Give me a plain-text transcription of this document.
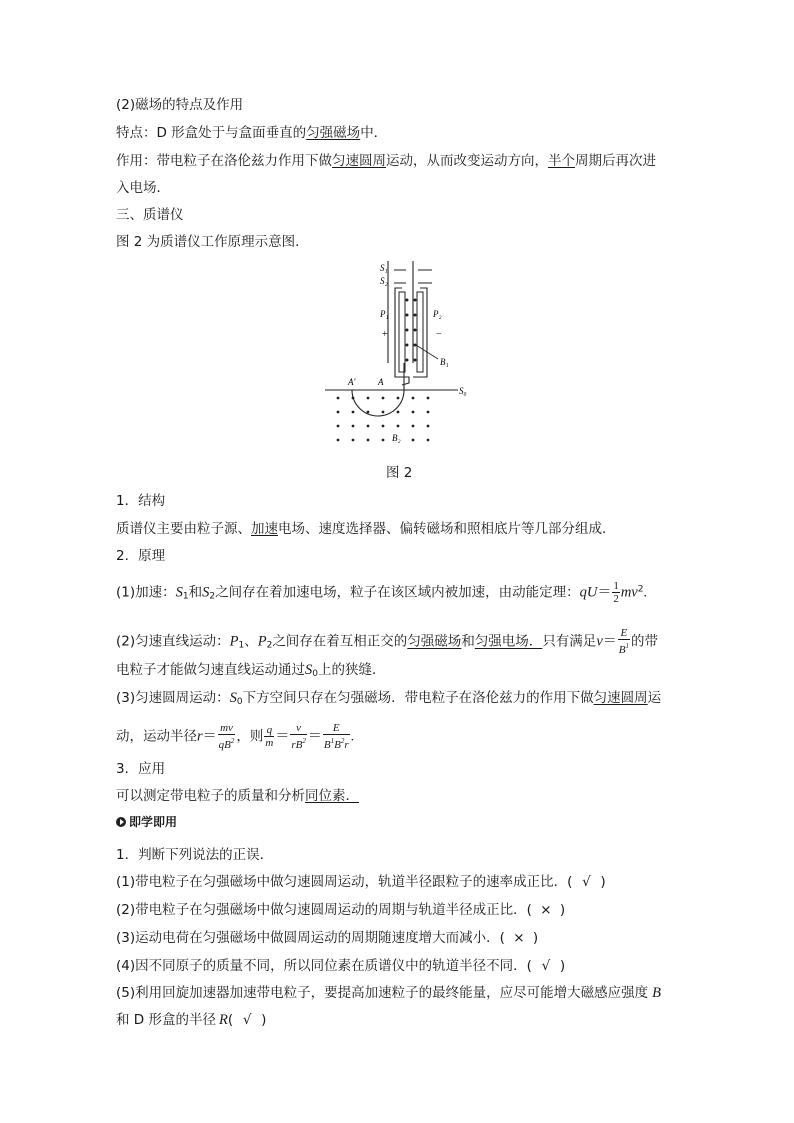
(2)磁场的特点及作用
特点：D 形盒处于与盒面垂直的匀强磁场中．
作用：带电粒子在洛伦兹力作用下做匀速圆周运动，从而改变运动方向，半个周期后再次进
入电场．
三、质谱仪
图 2 为质谱仪工作原理示意图．
S₁
S₂
P₁	P₂
+	−
B₁
A′	A
S₀
B₂
图 2
1．结构
质谱仪主要由粒子源、加速电场、速度选择器、偏转磁场和照相底片等几部分组成．
2．原理
(1)加速：$S_1$和$S_2$之间存在着加速电场，粒子在该区域内被加速，由动能定理：$qU= \frac{1}{2} mv^2$.
(2)匀速直线运动：$P_1$、$P_2$之间存在着互相正交的匀强磁场和匀强电场．只有满足$v= \frac{E}{B^1}$ 的带
电粒子才能做匀速直线运动通过$S_0$上的狭缝．
(3)匀速圆周运动：$S_0$下方空间只存在匀强磁场．带电粒子在洛伦兹力的作用下做匀速圆周运
动，运动半径$r= \frac{mv}{qB^2}$ ，则 $\frac{q}{m} = \frac{v}{rB^2} = \frac{E}{B^1B^2r}$ .
3．应用
可以测定带电粒子的质量和分析同位素．
即学即用
1．判断下列说法的正误．
(1)带电粒子在匀强磁场中做匀速圆周运动，轨道半径跟粒子的速率成正比．( √ )
(2)带电粒子在匀强磁场中做匀速圆周运动的周期与轨道半径成正比．( × )
(3)运动电荷在匀强磁场中做圆周运动的周期随速度增大而减小．( × )
(4)因不同原子的质量不同，所以同位素在质谱仪中的轨道半径不同．( √ )
(5)利用回旋加速器加速带电粒子，要提高加速粒子的最终能量，应尽可能增大磁感应强度 B
和 D 形盒的半径 R( √ )
